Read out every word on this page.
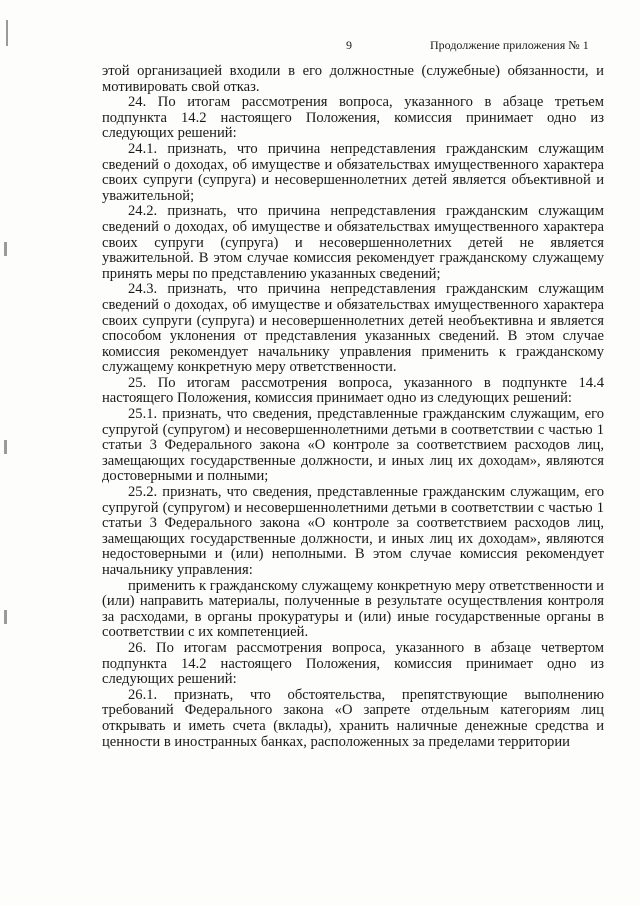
9	Продолжение приложения № 1

этой организацией входили в его должностные (служебные) обязанности, и мотивировать свой отказ.

24. По итогам рассмотрения вопроса, указанного в абзаце третьем подпункта 14.2 настоящего Положения, комиссия принимает одно из следующих решений:

24.1. признать, что причина непредставления гражданским служащим сведений о доходах, об имуществе и обязательствах имущественного характера своих супруги (супруга) и несовершеннолетних детей является объективной и уважительной;

24.2. признать, что причина непредставления гражданским служащим сведений о доходах, об имуществе и обязательствах имущественного характера своих супруги (супруга) и несовершеннолетних детей не является уважительной. В этом случае комиссия рекомендует гражданскому служащему принять меры по представлению указанных сведений;

24.3. признать, что причина непредставления гражданским служащим сведений о доходах, об имуществе и обязательствах имущественного характера своих супруги (супруга) и несовершеннолетних детей необъективна и является способом уклонения от представления указанных сведений. В этом случае комиссия рекомендует начальнику управления применить к гражданскому служащему конкретную меру ответственности.

25. По итогам рассмотрения вопроса, указанного в подпункте 14.4 настоящего Положения, комиссия принимает одно из следующих решений:

25.1. признать, что сведения, представленные гражданским служащим, его супругой (супругом) и несовершеннолетними детьми в соответствии с частью 1 статьи 3 Федерального закона «О контроле за соответствием расходов лиц, замещающих государственные должности, и иных лиц их доходам», являются достоверными и полными;

25.2. признать, что сведения, представленные гражданским служащим, его супругой (супругом) и несовершеннолетними детьми в соответствии с частью 1 статьи 3 Федерального закона «О контроле за соответствием расходов лиц, замещающих государственные должности, и иных лиц их доходам», являются недостоверными и (или) неполными. В этом случае комиссия рекомендует начальнику управления:

применить к гражданскому служащему конкретную меру ответственности и (или) направить материалы, полученные в результате осуществления контроля за расходами, в органы прокуратуры и (или) иные государственные органы в соответствии с их компетенцией.

26. По итогам рассмотрения вопроса, указанного в абзаце четвертом подпункта 14.2 настоящего Положения, комиссия принимает одно из следующих решений:

26.1. признать, что обстоятельства, препятствующие выполнению требований Федерального закона «О запрете отдельным категориям лиц открывать и иметь счета (вклады), хранить наличные денежные средства и ценности в иностранных банках, расположенных за пределами территории
